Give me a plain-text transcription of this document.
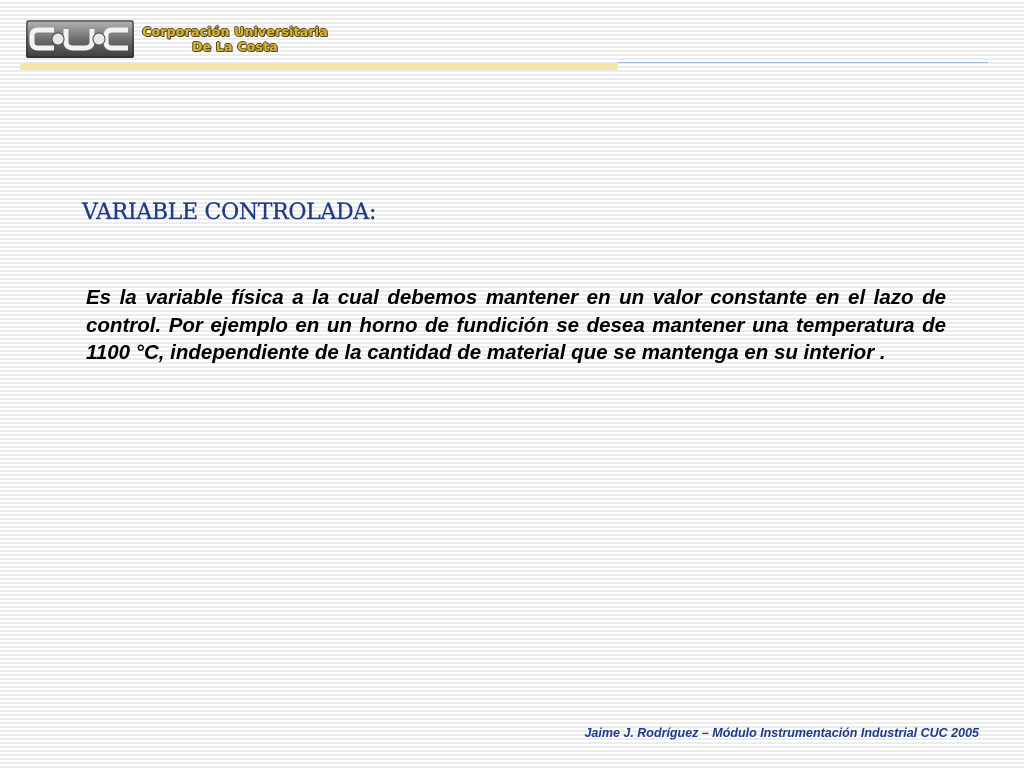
Corporación Universitaria
De La Costa
VARIABLE CONTROLADA:

Es la variable física a la cual debemos mantener en un valor constante en el lazo de control. Por ejemplo en un horno de fundición se desea mantener una temperatura de 1100 °C, independiente de la cantidad de material que se mantenga en su interior .

Jaime J. Rodríguez – Módulo Instrumentación Industrial CUC 2005
